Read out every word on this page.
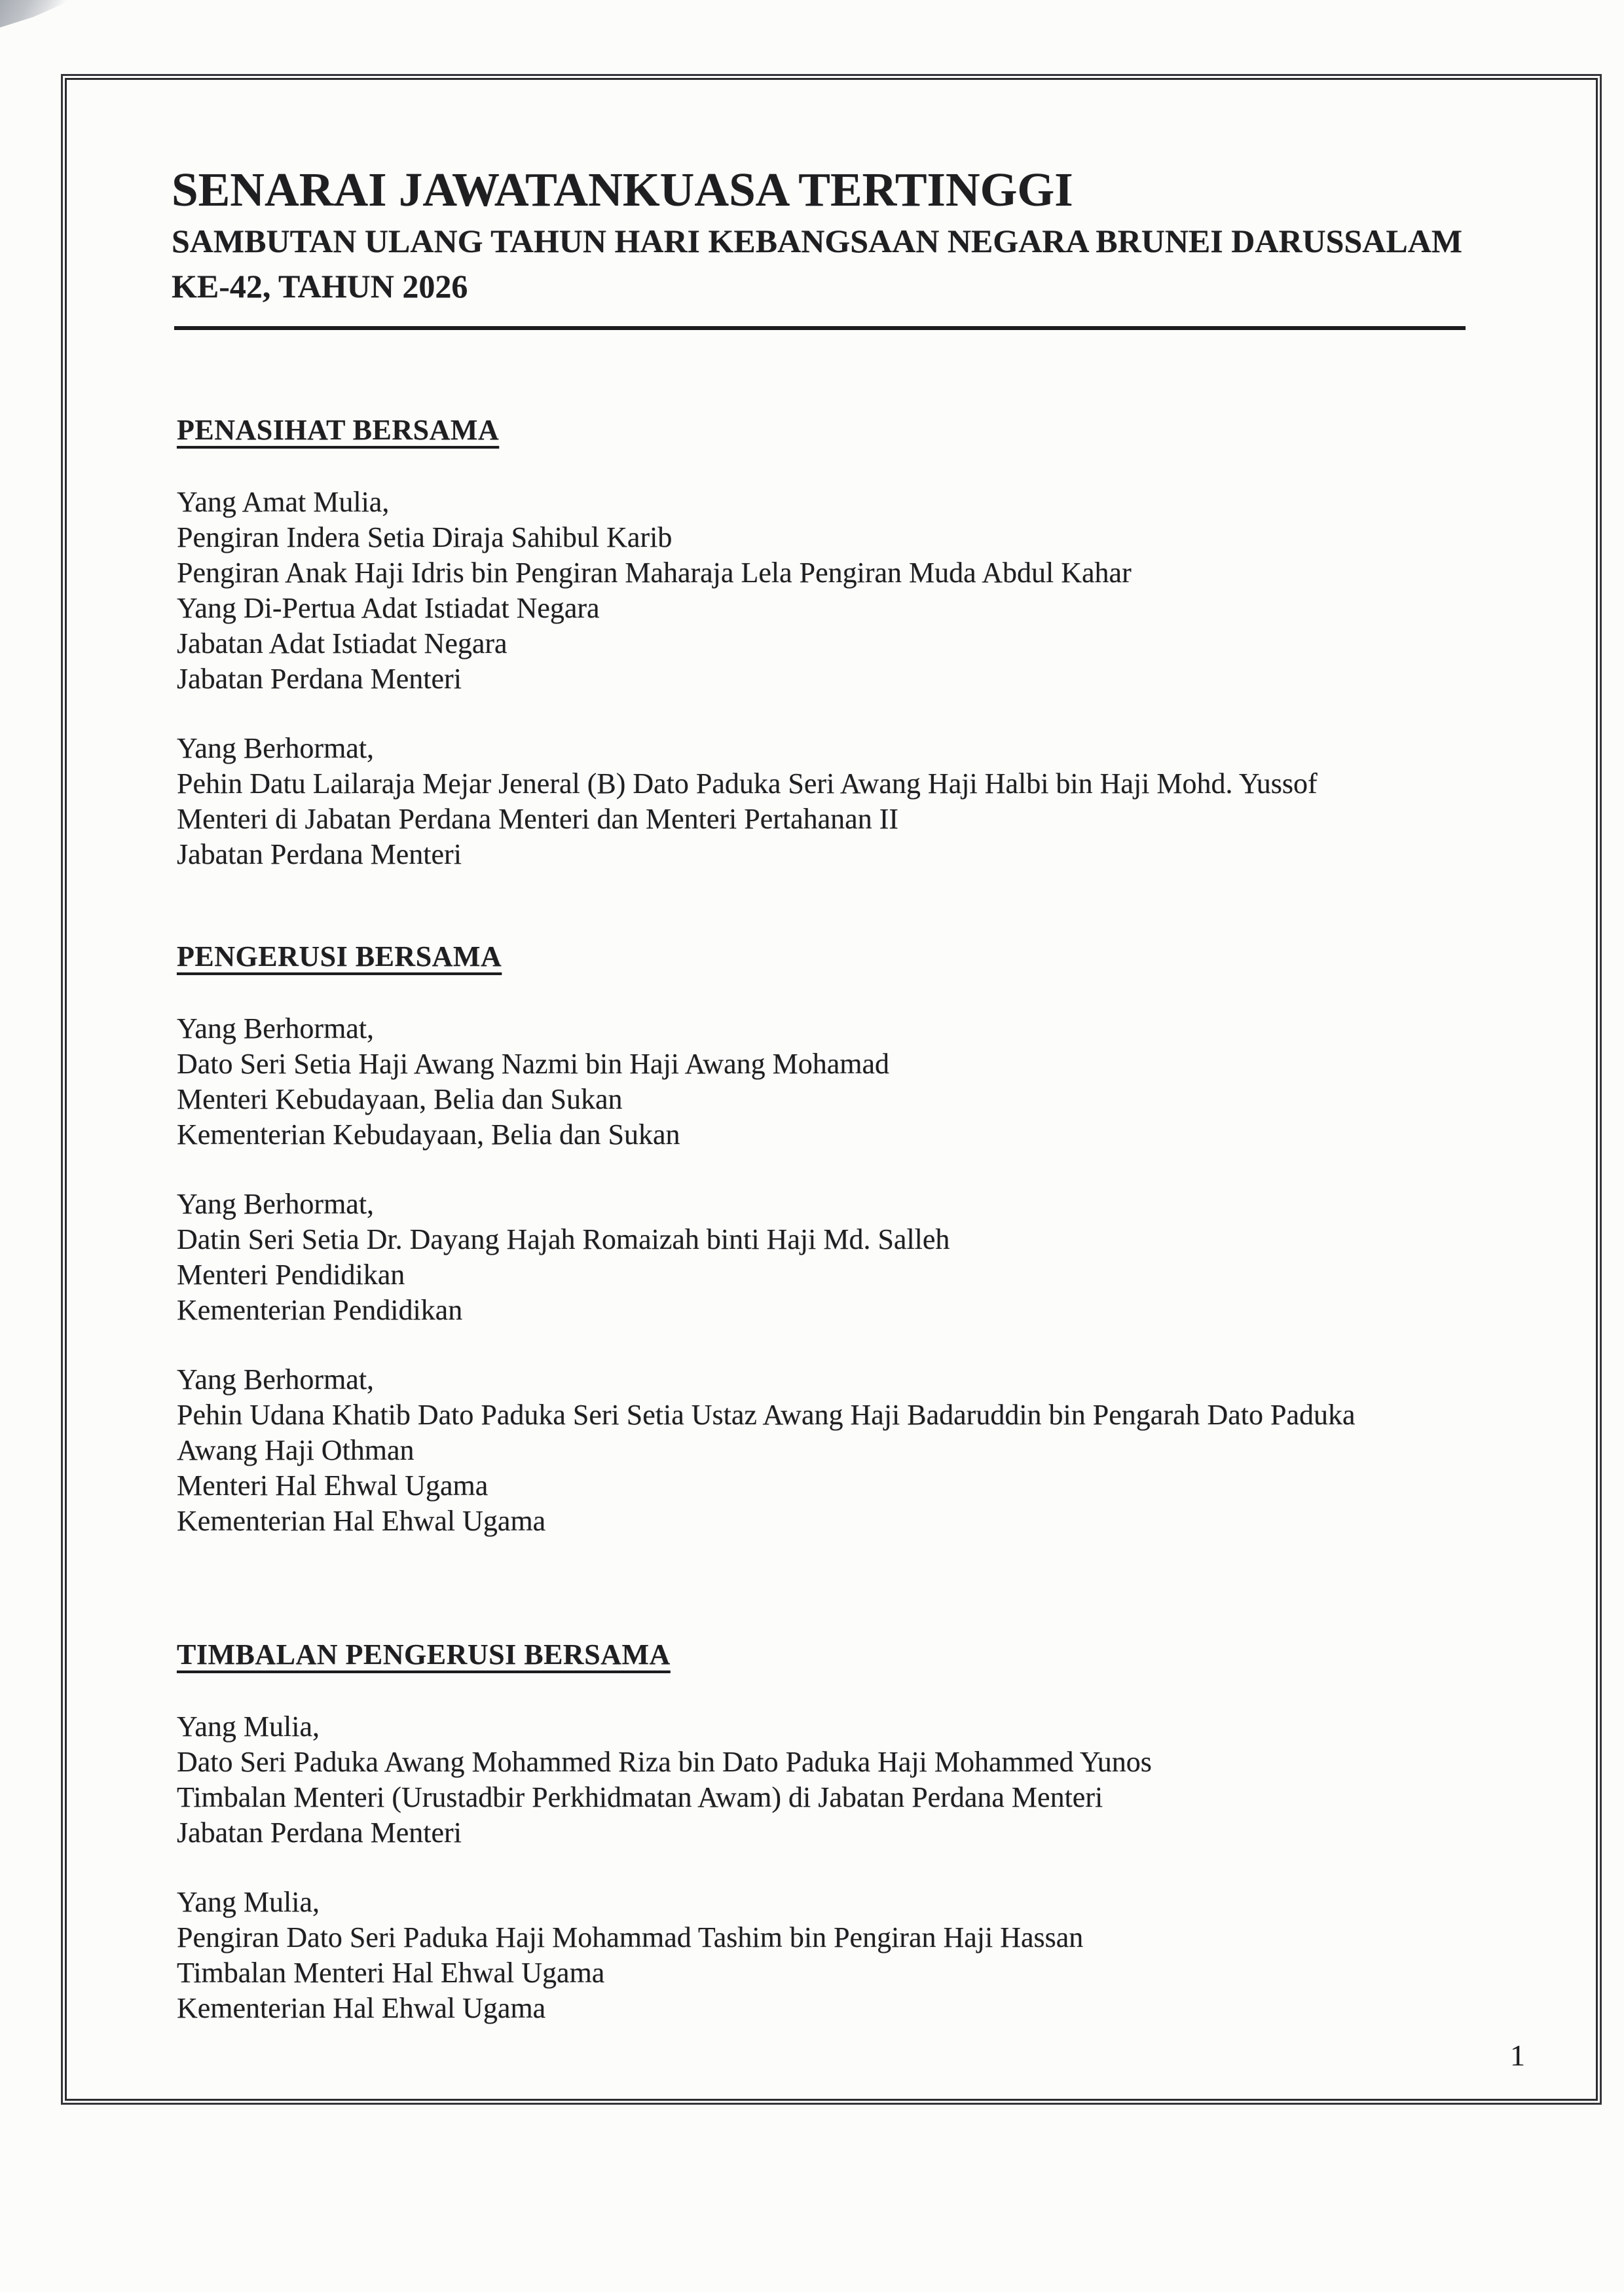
SENARAI JAWATANKUASA TERTINGGI
SAMBUTAN ULANG TAHUN HARI KEBANGSAAN NEGARA BRUNEI DARUSSALAM
KE-42, TAHUN 2026
PENASIHAT BERSAMA
Yang Amat Mulia,
Pengiran Indera Setia Diraja Sahibul Karib
Pengiran Anak Haji Idris bin Pengiran Maharaja Lela Pengiran Muda Abdul Kahar
Yang Di-Pertua Adat Istiadat Negara
Jabatan Adat Istiadat Negara
Jabatan Perdana Menteri
Yang Berhormat,
Pehin Datu Lailaraja Mejar Jeneral (B) Dato Paduka Seri Awang Haji Halbi bin Haji Mohd. Yussof
Menteri di Jabatan Perdana Menteri dan Menteri Pertahanan II
Jabatan Perdana Menteri
PENGERUSI BERSAMA
Yang Berhormat,
Dato Seri Setia Haji Awang Nazmi bin Haji Awang Mohamad
Menteri Kebudayaan, Belia dan Sukan
Kementerian Kebudayaan, Belia dan Sukan
Yang Berhormat,
Datin Seri Setia Dr. Dayang Hajah Romaizah binti Haji Md. Salleh
Menteri Pendidikan
Kementerian Pendidikan
Yang Berhormat,
Pehin Udana Khatib Dato Paduka Seri Setia Ustaz Awang Haji Badaruddin bin Pengarah Dato Paduka
Awang Haji Othman
Menteri Hal Ehwal Ugama
Kementerian Hal Ehwal Ugama
TIMBALAN PENGERUSI BERSAMA
Yang Mulia,
Dato Seri Paduka Awang Mohammed Riza bin Dato Paduka Haji Mohammed Yunos
Timbalan Menteri (Urustadbir Perkhidmatan Awam) di Jabatan Perdana Menteri
Jabatan Perdana Menteri
Yang Mulia,
Pengiran Dato Seri Paduka Haji Mohammad Tashim bin Pengiran Haji Hassan
Timbalan Menteri Hal Ehwal Ugama
Kementerian Hal Ehwal Ugama
1
